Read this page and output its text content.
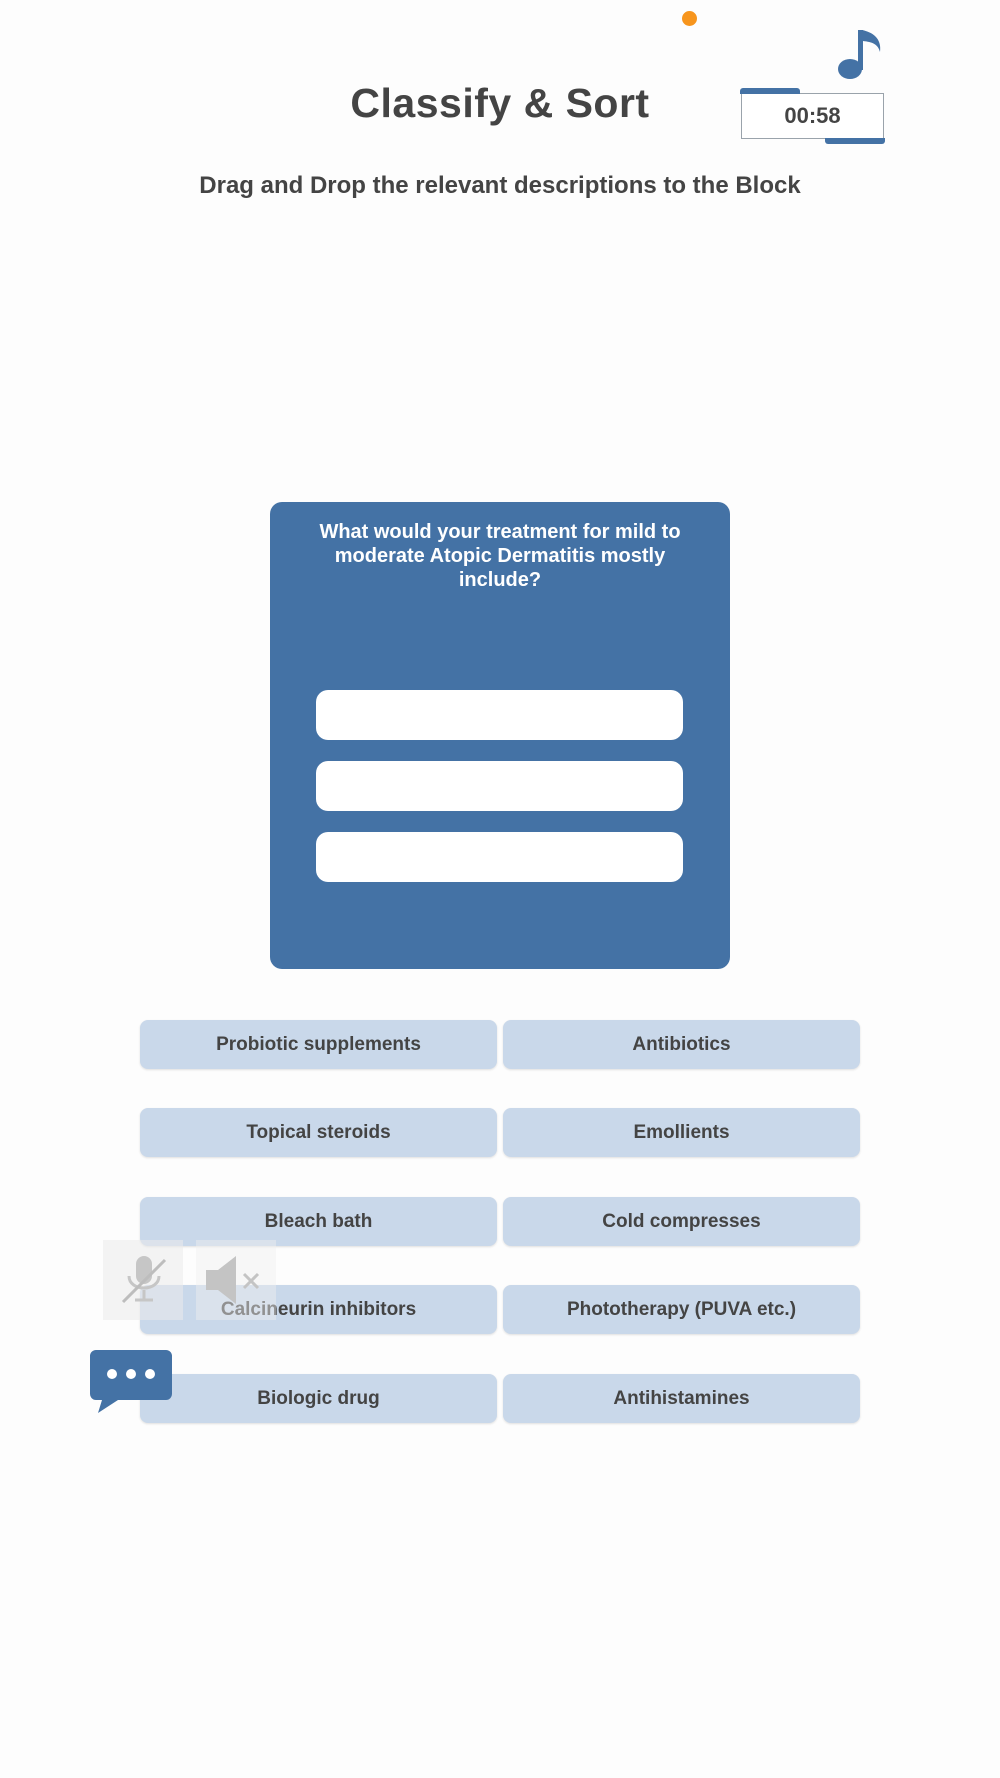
Classify & Sort	00:58
Drag and Drop the relevant descriptions to the Block
What would your treatment for mild to moderate Atopic Dermatitis mostly include?
Probiotic supplements	Antibiotics
Topical steroids	Emollients
Bleach bath	Cold compresses
Calcineurin inhibitors	Phototherapy (PUVA etc.)
Biologic drug	Antihistamines
